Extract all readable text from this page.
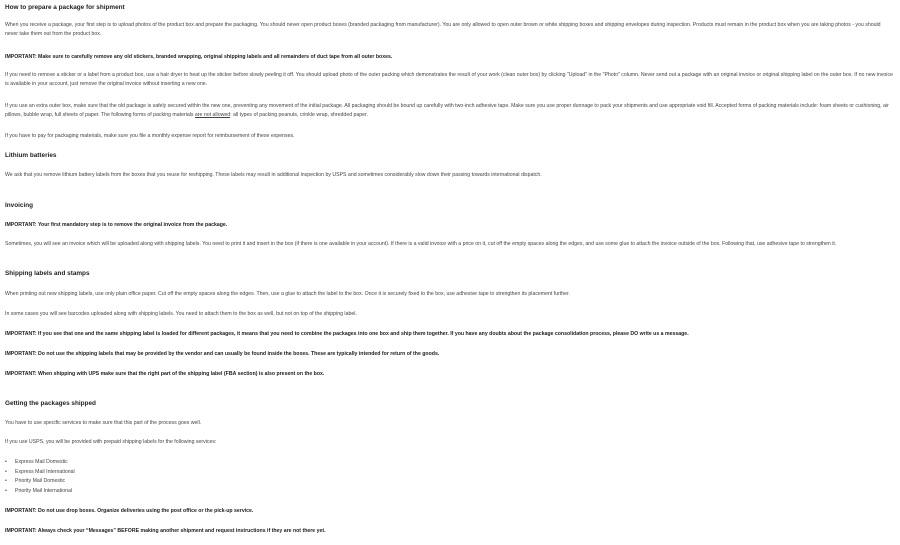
How to prepare a package for shipment

When you receive a package, your first step is to upload photos of the product box and prepare the packaging. You should never open product boxes (branded packaging from manufacturer). You are only allowed to open outer brown or white shipping boxes and shipping envelopes during inspection. Products must remain in the product box when you are taking photos - you should never take them out from the product box.

IMPORTANT: Make sure to carefully remove any old stickers, branded wrapping, original shipping labels and all remainders of duct tape from all outer boxes.

If you need to remove a sticker or a label from a product box, use a hair dryer to heat up the sticker before slowly peeling it off. You should upload photo of the outer packing which demonstrates the result of your work (clean outer box) by clicking "Upload" in the "Photo" column. Never send out a package with an original invoice or original shipping label on the outer box. If no new invoice is available in your account, just remove the original invoice without inserting a new one.

If you use an extra outer box, make sure that the old package is safely secured within the new one, preventing any movement of the initial package. All packaging should be bound up carefully with two-inch adhesive tape. Make sure you use proper dunnage to pack your shipments and use appropriate void fill. Accepted forms of packing materials include: foam sheets or cushioning, air pillows, bubble wrap, full sheets of paper. The following forms of packing materials are not allowed: all types of packing peanuts, crinkle wrap, shredded paper.

If you have to pay for packaging materials, make sure you file a monthly expense report for reimbursement of these expenses.

Lithium batteries

We ask that you remove lithium battery labels from the boxes that you reuse for reshipping. These labels may result in additional inspection by USPS and sometimes considerably slow down their passing towards international dispatch.

Invoicing

IMPORTANT: Your first mandatory step is to remove the original invoice from the package.

Sometimes, you will see an invoice which will be uploaded along with shipping labels. You need to print it and insert in the box (if there is one available in your account). If there is a valid invoice with a price on it, cut off the empty spaces along the edges, and use some glue to attach the invoice outside of the box. Following that, use adhesive tape to strengthen it.

Shipping labels and stamps

When printing out new shipping labels, use only plain office paper. Cut off the empty spaces along the edges. Then, use a glue to attach the label to the box. Once it is securely fixed to the box, use adhesive tape to strengthen its placement further.

In some cases you will see barcodes uploaded along with shipping labels. You need to attach them to the box as well, but not on top of the shipping label.

IMPORTANT: If you see that one and the same shipping label is loaded for different packages, it means that you need to combine the packages into one box and ship them together. If you have any doubts about the package consolidation process, please DO write us a message.

IMPORTANT: Do not use the shipping labels that may be provided by the vendor and can usually be found inside the boxes. These are typically intended for return of the goods.

IMPORTANT: When shipping with UPS make sure that the right part of the shipping label (FBA section) is also present on the box.

Getting the packages shipped

You have to use specific services to make sure that this part of the process goes well.

If you use USPS, you will be provided with prepaid shipping labels for the following services:

• Express Mail Domestic
• Express Mail International
• Priority Mail Domestic
• Priority Mail International

IMPORTANT: Do not use drop boxes. Organize deliveries using the post office or the pick-up service.

IMPORTANT: Always check your “Messages” BEFORE making another shipment and request instructions if they are not there yet.
